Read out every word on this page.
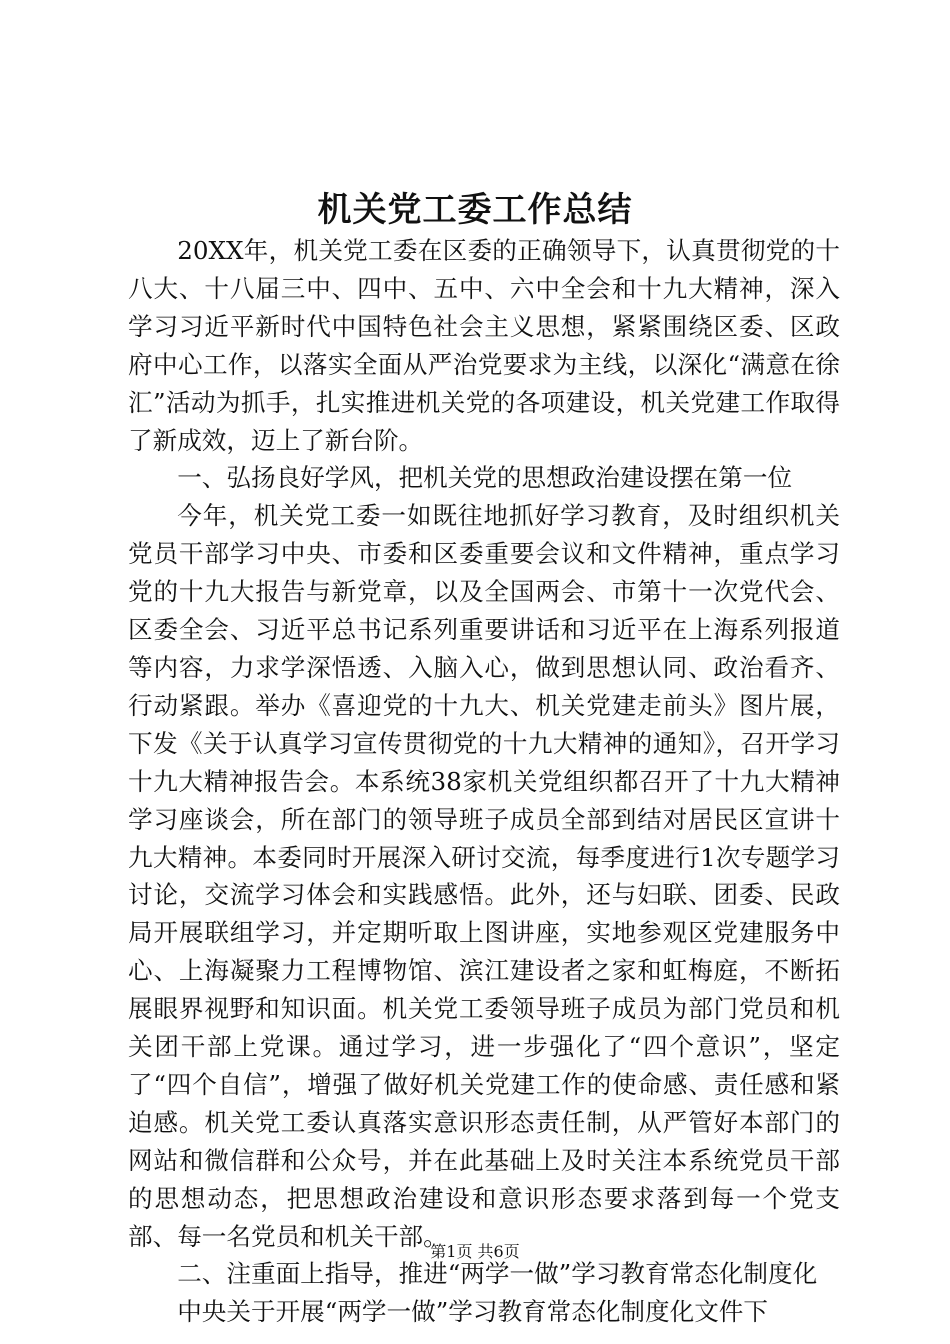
机关党工委工作总结

20XX年，机关党工委在区委的正确领导下，认真贯彻党的十八大、十八届三中、四中、五中、六中全会和十九大精神，深入学习习近平新时代中国特色社会主义思想，紧紧围绕区委、区政府中心工作，以落实全面从严治党要求为主线，以深化“满意在徐汇”活动为抓手，扎实推进机关党的各项建设，机关党建工作取得了新成效，迈上了新台阶。

一、弘扬良好学风，把机关党的思想政治建设摆在第一位

今年，机关党工委一如既往地抓好学习教育，及时组织机关党员干部学习中央、市委和区委重要会议和文件精神，重点学习党的十九大报告与新党章，以及全国两会、市第十一次党代会、区委全会、习近平总书记系列重要讲话和习近平在上海系列报道等内容，力求学深悟透、入脑入心，做到思想认同、政治看齐、行动紧跟。举办《喜迎党的十九大、机关党建走前头》图片展，下发《关于认真学习宣传贯彻党的十九大精神的通知》，召开学习十九大精神报告会。本系统38家机关党组织都召开了十九大精神学习座谈会，所在部门的领导班子成员全部到结对居民区宣讲十九大精神。本委同时开展深入研讨交流，每季度进行1次专题学习讨论，交流学习体会和实践感悟。此外，还与妇联、团委、民政局开展联组学习，并定期听取上图讲座，实地参观区党建服务中心、上海凝聚力工程博物馆、滨江建设者之家和虹梅庭，不断拓展眼界视野和知识面。机关党工委领导班子成员为部门党员和机关团干部上党课。通过学习，进一步强化了“四个意识”，坚定了“四个自信”，增强了做好机关党建工作的使命感、责任感和紧迫感。机关党工委认真落实意识形态责任制，从严管好本部门的网站和微信群和公众号，并在此基础上及时关注本系统党员干部的思想动态，把思想政治建设和意识形态要求落到每一个党支部、每一名党员和机关干部。

二、注重面上指导，推进“两学一做”学习教育常态化制度化

中央关于开展“两学一做”学习教育常态化制度化文件下

第1页 共6页
